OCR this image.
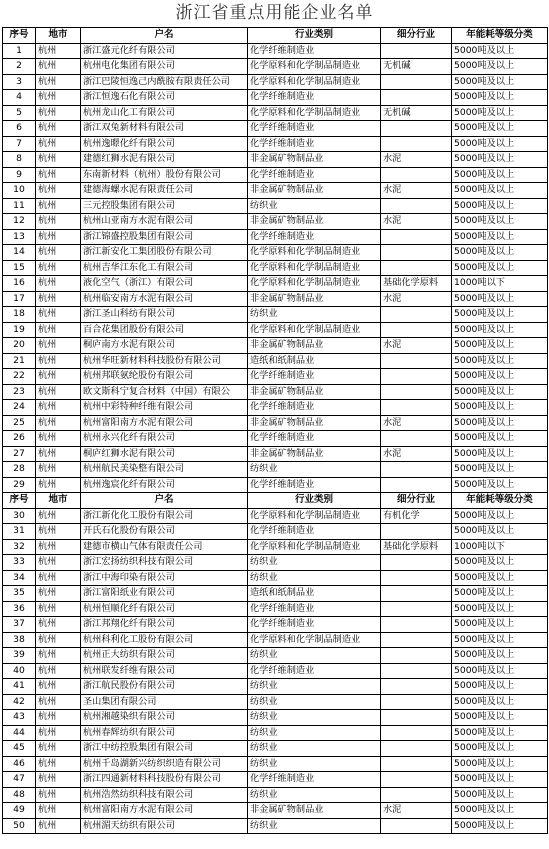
浙江省重点用能企业名单
序号	地市	户名	行业类别	细分行业	年能耗等级分类
1	杭州	浙江盛元化纤有限公司	化学纤维制造业		5000吨及以上
2	杭州	杭州电化集团有限公司	化学原料和化学制品制造业	无机碱	5000吨及以上
3	杭州	浙江巴陵恒逸己内酰胺有限责任公司	化学原料和化学制品制造业		5000吨及以上
4	杭州	浙江恒逸石化有限公司	化学纤维制造业		5000吨及以上
5	杭州	杭州龙山化工有限公司	化学原料和化学制品制造业	无机碱	5000吨及以上
6	杭州	浙江双兔新材料有限公司	化学纤维制造业		5000吨及以上
7	杭州	杭州逸暻化纤有限公司	化学纤维制造业		5000吨及以上
8	杭州	建德红狮水泥有限公司	非金属矿物制品业	水泥	5000吨及以上
9	杭州	东南新材料（杭州）股份有限公司	化学纤维制造业		5000吨及以上
10	杭州	建德海螺水泥有限责任公司	非金属矿物制品业	水泥	5000吨及以上
11	杭州	三元控股集团有限公司	纺织业		5000吨及以上
12	杭州	杭州山亚南方水泥有限公司	非金属矿物制品业	水泥	5000吨及以上
13	杭州	浙江锦盛控股集团有限公司	化学纤维制造业		5000吨及以上
14	杭州	浙江新安化工集团股份有限公司	化学原料和化学制品制造业		5000吨及以上
15	杭州	杭州吉华江东化工有限公司	化学原料和化学制品制造业		5000吨及以上
16	杭州	液化空气（浙江）有限公司	化学原料和化学制品制造业	基础化学原料	1000吨以下
17	杭州	杭州临安南方水泥有限公司	非金属矿物制品业	水泥	5000吨及以上
18	杭州	浙江圣山科纺有限公司	纺织业		5000吨及以上
19	杭州	百合花集团股份有限公司	化学原料和化学制品制造业		5000吨及以上
20	杭州	桐庐南方水泥有限公司	非金属矿物制品业	水泥	5000吨及以上
21	杭州	杭州华旺新材料科技股份有限公司	造纸和纸制品业		5000吨及以上
22	杭州	杭州邦联氨纶股份有限公司	化学纤维制造业		5000吨及以上
23	杭州	欧文斯科宁复合材料（中国）有限公	非金属矿物制品业		5000吨及以上
24	杭州	杭州中彩特种纤维有限公司	化学纤维制造业		5000吨及以上
25	杭州	杭州富阳南方水泥有限公司	非金属矿物制品业	水泥	5000吨及以上
26	杭州	杭州永兴化纤有限公司	化学纤维制造业		5000吨及以上
27	杭州	桐庐红狮水泥有限公司	非金属矿物制品业	水泥	5000吨及以上
28	杭州	杭州航民美染整有限公司	纺织业		5000吨及以上
29	杭州	杭州逸宸化纤有限公司	化学纤维制造业		5000吨及以上
序号	地市	户名	行业类别	细分行业	年能耗等级分类
30	杭州	浙江新化化工股份有限公司	化学原料和化学制品制造业	有机化学	5000吨及以上
31	杭州	开氏石化股份有限公司	化学纤维制造业		5000吨及以上
32	杭州	建德市横山气体有限责任公司	化学原料和化学制品制造业	基础化学原料	1000吨以下
33	杭州	浙江宏扬纺织科技有限公司	纺织业		5000吨及以上
34	杭州	浙江中海印染有限公司	纺织业		5000吨及以上
35	杭州	浙江富阳纸业有限公司	造纸和纸制品业		5000吨及以上
36	杭州	杭州恒顺化纤有限公司	化学纤维制造业		5000吨及以上
37	杭州	浙江邦翔化纤有限公司	化学纤维制造业		5000吨及以上
38	杭州	杭州科利化工股份有限公司	化学原料和化学制品制造业		5000吨及以上
39	杭州	杭州正大纺织有限公司	纺织业		5000吨及以上
40	杭州	杭州联发纤维有限公司	化学纤维制造业		5000吨及以上
41	杭州	浙江航民股份有限公司	纺织业		5000吨及以上
42	杭州	圣山集团有限公司	纺织业		5000吨及以上
43	杭州	杭州湘越染织有限公司	纺织业		5000吨及以上
44	杭州	杭州春辉纺织有限公司	纺织业		5000吨及以上
45	杭州	浙江中纺控股集团有限公司	纺织业		5000吨及以上
46	杭州	杭州千岛湖新兴纺织织造有限公司	纺织业		5000吨及以上
47	杭州	浙江四通新材料科技股份有限公司	化学纤维制造业		5000吨及以上
48	杭州	杭州浩然纺织科技有限公司	纺织业		5000吨及以上
49	杭州	杭州富阳南方水泥有限公司	非金属矿物制品业	水泥	5000吨及以上
50	杭州	杭州湄天纺织有限公司	纺织业		5000吨及以上
